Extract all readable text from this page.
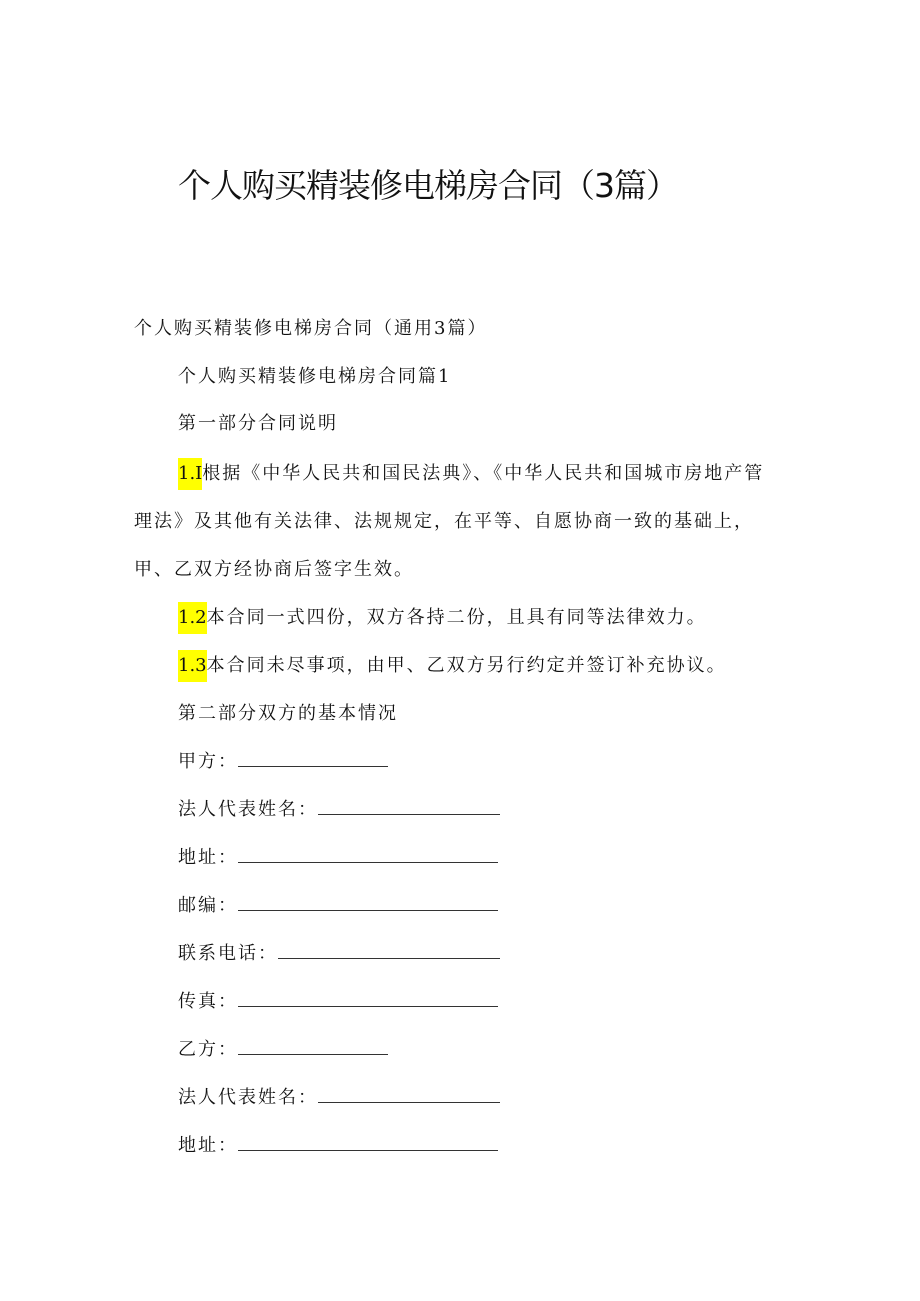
个人购买精装修电梯房合同（3篇）
个人购买精装修电梯房合同（通用3篇）
个人购买精装修电梯房合同篇1
第一部分合同说明
1.I根据《中华人民共和国民法典》、《中华人民共和国城市房地产管
理法》及其他有关法律、法规规定，在平等、自愿协商一致的基础上，
甲、乙双方经协商后签字生效。
1.2本合同一式四份，双方各持二份，且具有同等法律效力。
1.3本合同未尽事项，由甲、乙双方另行约定并签订补充协议。
第二部分双方的基本情况
甲方：
法人代表姓名：
地址：
邮编：
联系电话：
传真：
乙方：
法人代表姓名：
地址：
